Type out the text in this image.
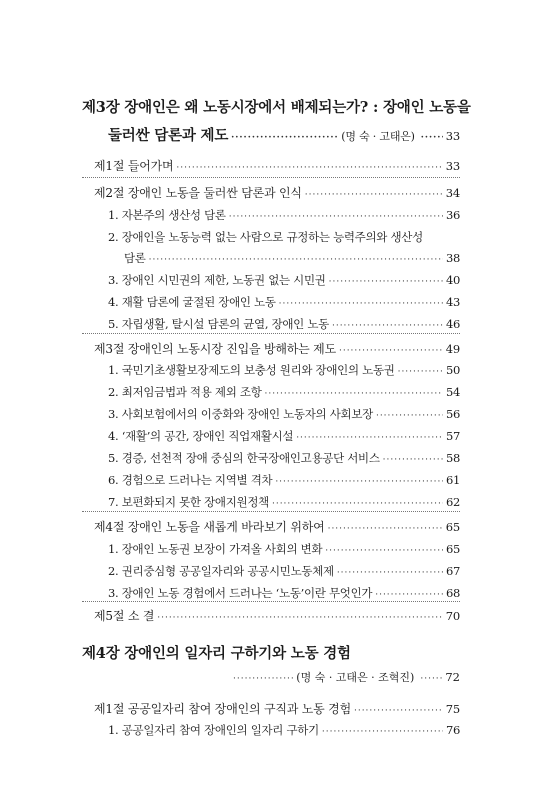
제3장 장애인은 왜 노동시장에서 배제되는가? : 장애인 노동을
둘러싼 담론과 제도 ·····	(명 숙 · 고태은) ·····	33
제1절 들어가며 ·····	33
제2절 장애인 노동을 둘러싼 담론과 인식 ·····	34
1. 자본주의 생산성 담론 ·····	36
2. 장애인을 노동능력 없는 사람으로 규정하는 능력주의와 생산성
담론 ·····	38
3. 장애인 시민권의 제한, 노동권 없는 시민권 ·····	40
4. 재활 담론에 굴절된 장애인 노동 ·····	43
5. 자립생활, 탈시설 담론의 균열, 장애인 노동 ·····	46
제3절 장애인의 노동시장 진입을 방해하는 제도 ·····	49
1. 국민기초생활보장제도의 보충성 원리와 장애인의 노동권 ·····	50
2. 최저임금법과 적용 제외 조항 ·····	54
3. 사회보험에서의 이중화와 장애인 노동자의 사회보장 ·····	56
4. ‘재활’의 공간, 장애인 직업재활시설 ·····	57
5. 경증, 선천적 장애 중심의 한국장애인고용공단 서비스 ·····	58
6. 경험으로 드러나는 지역별 격차 ·····	61
7. 보편화되지 못한 장애지원정책 ·····	62
제4절 장애인 노동을 새롭게 바라보기 위하여 ·····	65
1. 장애인 노동권 보장이 가져올 사회의 변화 ·····	65
2. 권리중심형 공공일자리와 공공시민노동체제 ·····	67
3. 장애인 노동 경험에서 드러나는 ‘노동’이란 무엇인가 ·····	68
제5절 소 결 ·····	70
제4장 장애인의 일자리 구하기와 노동 경험
·····
(명 숙 · 고태은 · 조혁진) ·····	72
제1절 공공일자리 참여 장애인의 구직과 노동 경험 ·····	75
1. 공공일자리 참여 장애인의 일자리 구하기 ·····	76
